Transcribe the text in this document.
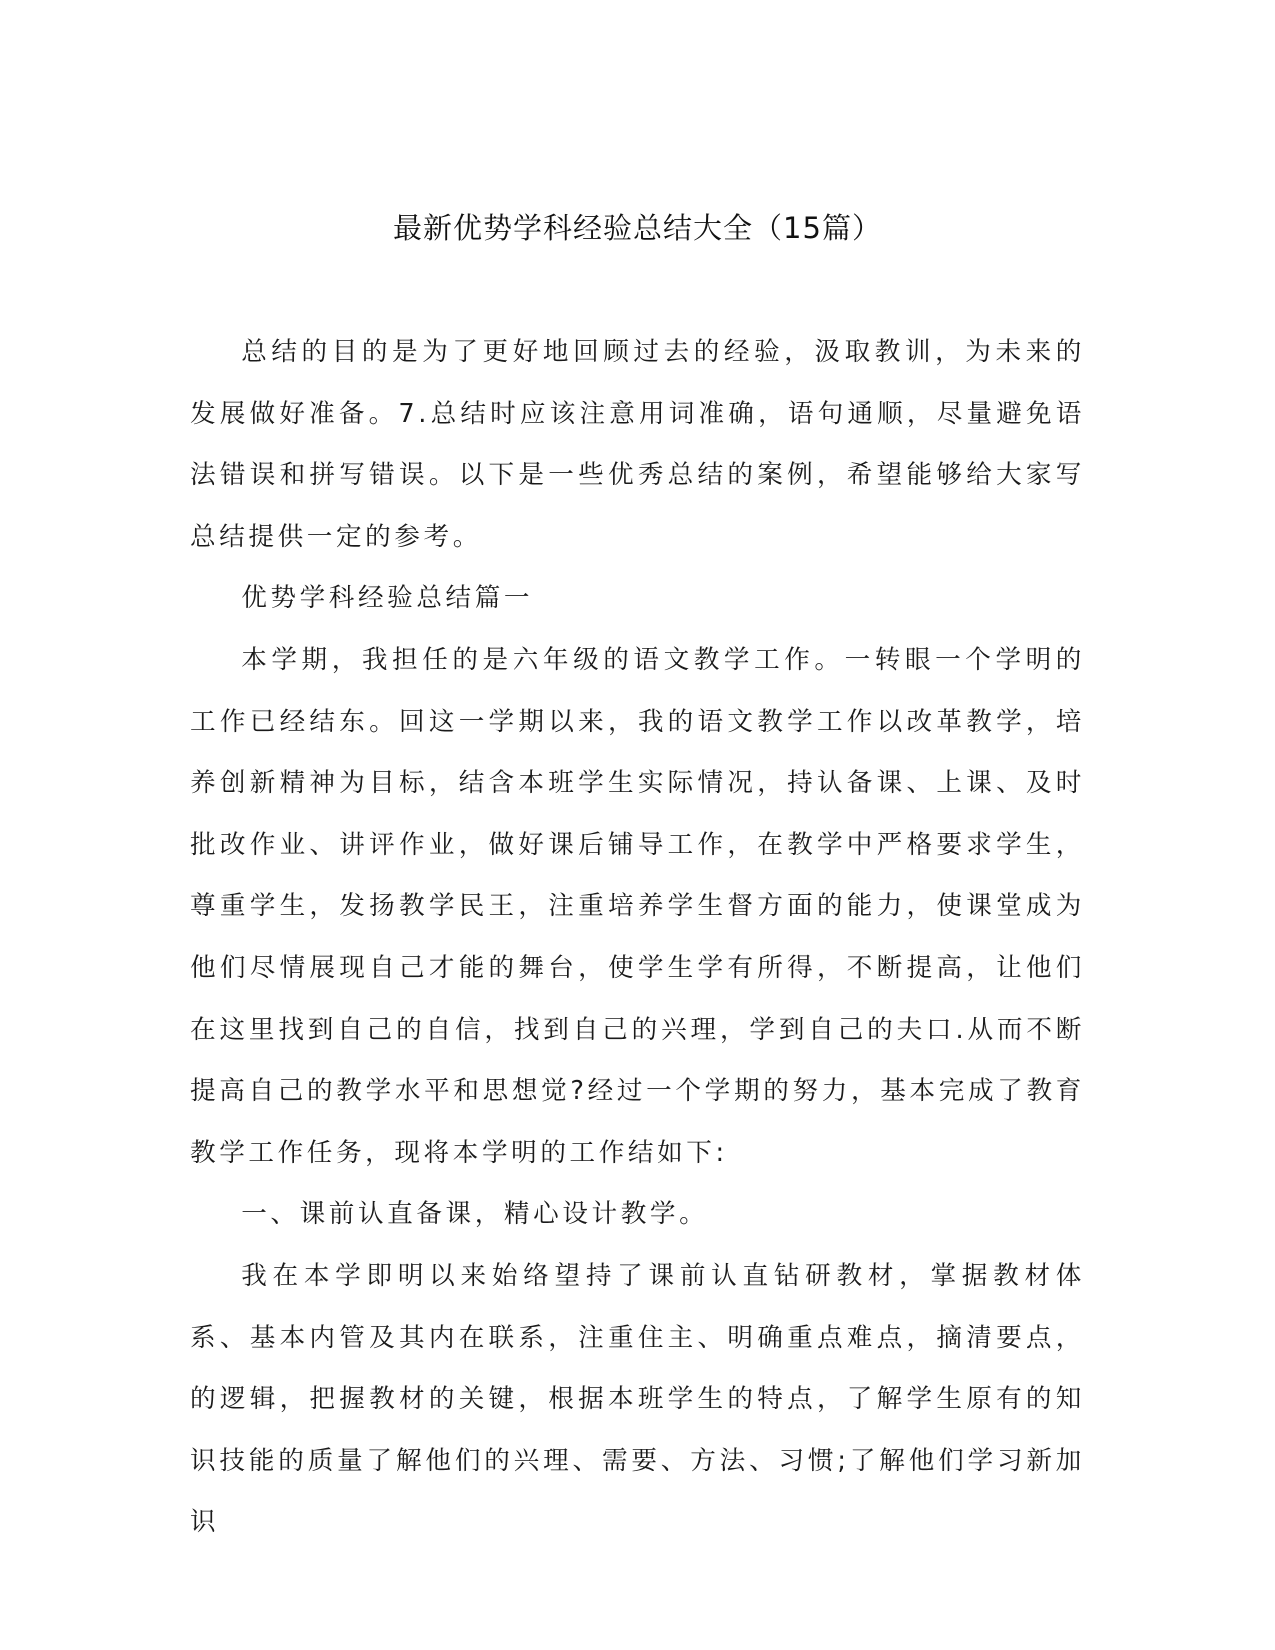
最新优势学科经验总结大全（15篇）

总结的目的是为了更好地回顾过去的经验，汲取教训，为未来的发展做好准备。7.总结时应该注意用词准确，语句通顺，尽量避免语法错误和拼写错误。以下是一些优秀总结的案例，希望能够给大家写总结提供一定的参考。

优势学科经验总结篇一

本学期，我担任的是六年级的语文教学工作。一转眼一个学明的工作已经结东。回这一学期以来，我的语文教学工作以改革教学，培养创新精神为目标，结含本班学生实际情况，持认备课、上课、及时批改作业、讲评作业，做好课后铺导工作，在教学中严格要求学生，尊重学生，发扬教学民王，注重培养学生督方面的能力，使课堂成为他们尽情展现自己才能的舞台，使学生学有所得，不断提高，让他们在这里找到自己的自信，找到自己的兴理，学到自己的夫口.从而不断提高自己的教学水平和思想觉?经过一个学期的努力，基本完成了教育教学工作任务，现将本学明的工作结如下:

一、课前认直备课，精心设计教学。

我在本学即明以来始络望持了课前认直钻研教材，掌据教材体系、基本内管及其内在联系，注重住主、明确重点难点，摘清要点，的逻辑，把握教材的关键，根据本班学生的特点，了解学生原有的知识技能的质量了解他们的兴理、需要、方法、习惯;了解他们学习新加识
